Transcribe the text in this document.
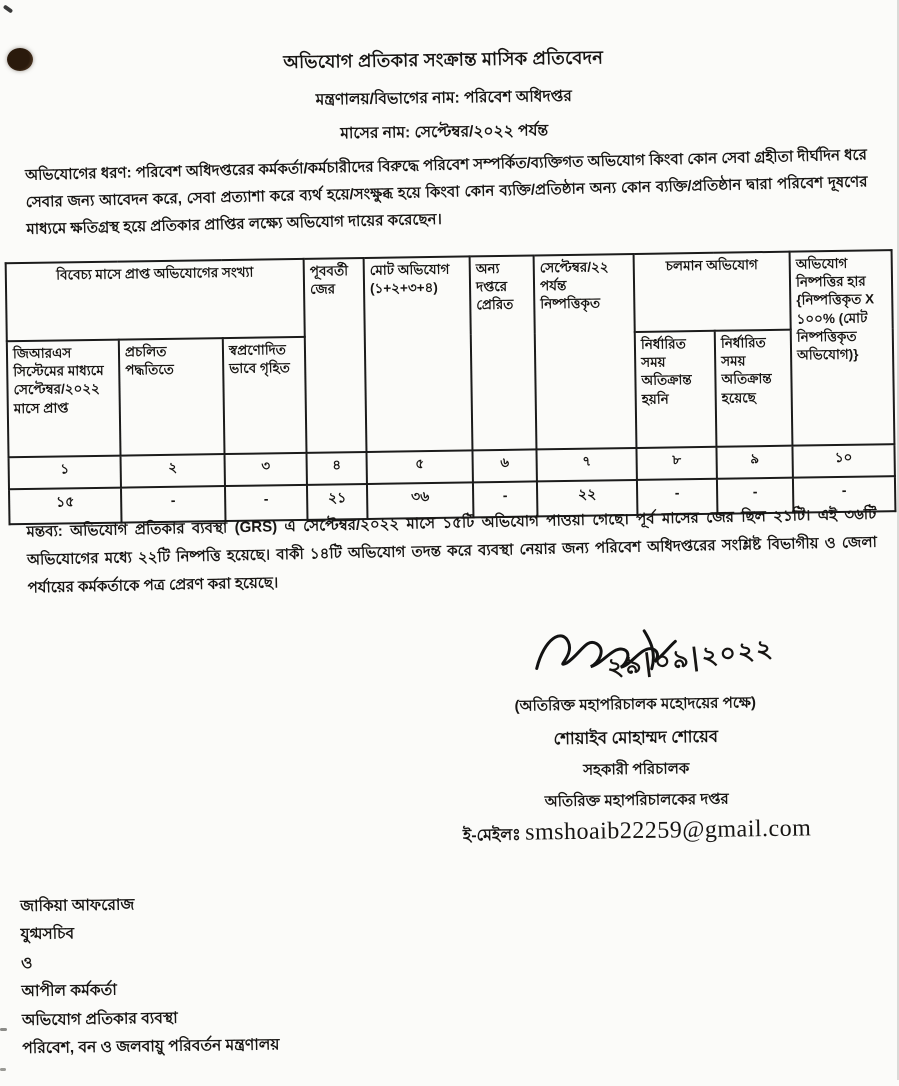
অভিযোগ প্রতিকার সংক্রান্ত মাসিক প্রতিবেদন
মন্ত্রণালয়/বিভাগের নাম: পরিবেশ অধিদপ্তর
মাসের নাম: সেপ্টেম্বর/২০২২ পর্যন্ত
অভিযোগের ধরণ: পরিবেশ অধিদপ্তরের কর্মকর্তা/কর্মচারীদের বিরুদ্ধে পরিবেশ সম্পর্কিত/ব্যক্তিগত অভিযোগ কিংবা কোন সেবা গ্রহীতা দীর্ঘদিন ধরে সেবার জন্য আবেদন করে, সেবা প্রত্যাশা করে ব্যর্থ হয়ে/সংক্ষুব্ধ হয়ে কিংবা কোন ব্যক্তি/প্রতিষ্ঠান অন্য কোন ব্যক্তি/প্রতিষ্ঠান দ্বারা পরিবেশ দূষণের মাধ্যমে ক্ষতিগ্রস্থ হয়ে প্রতিকার প্রাপ্তির লক্ষ্যে অভিযোগ দায়ের করেছেন।
বিবেচ্য মাসে প্রাপ্ত অভিযোগের সংখ্যা			পূববর্তী জের	মোট অভিযোগ (১+২+৩+৪)	অন্য দপ্তরে প্রেরিত	সেপ্টেম্বর/২২ পর্যন্ত নিষ্পত্তিকৃত	চলমান অভিযোগ		অভিযোগ নিষ্পত্তির হার {নিষ্পত্তিকৃত X ১০০% (মোট নিষ্পত্তিকৃত অভিযোগ)}
জিআরএস সিস্টেমের মাধ্যমে সেপ্টেম্বর/২০২২ মাসে প্রাপ্ত	প্রচলিত পদ্ধতিতে	স্বপ্রণোদিতভাবে গৃহিত					নির্ধারিত সময় অতিক্রান্ত হয়নি	নির্ধারিত সময় অতিক্রান্ত হয়েছে	
১	২	৩	৪	৫	৬	৭	৮	৯	১০
১৫	-	-	২১	৩৬	-	২২	-	-	-
মন্তব্য: অভিযোগ প্রতিকার ব্যবস্থা (GRS) এ সেপ্টেম্বর/২০২২ মাসে ১৫টি অভিযোগ পাওয়া গেছে। পূর্ব মাসের জের ছিল ২১টি। এই ৩৬টি অভিযোগের মধ্যে ২২টি নিষ্পত্তি হয়েছে। বাকী ১৪টি অভিযোগ তদন্ত করে ব্যবস্থা নেয়ার জন্য পরিবেশ অধিদপ্তরের সংশ্লিষ্ট বিভাগীয় ও জেলা পর্যায়ের কর্মকর্তাকে পত্র প্রেরণ করা হয়েছে।
২৯|০৯|২০২২
(অতিরিক্ত মহাপরিচালক মহোদয়ের পক্ষে)
শোয়াইব মোহাম্মদ শোয়েব
সহকারী পরিচালক
অতিরিক্ত মহাপরিচালকের দপ্তর
ই-মেইলঃ smshoaib22259@gmail.com
জাকিয়া আফরোজ
যুগ্মসচিব
ও
আপীল কর্মকর্তা
অভিযোগ প্রতিকার ব্যবস্থা
পরিবেশ, বন ও জলবায়ু পরিবর্তন মন্ত্রণালয়
